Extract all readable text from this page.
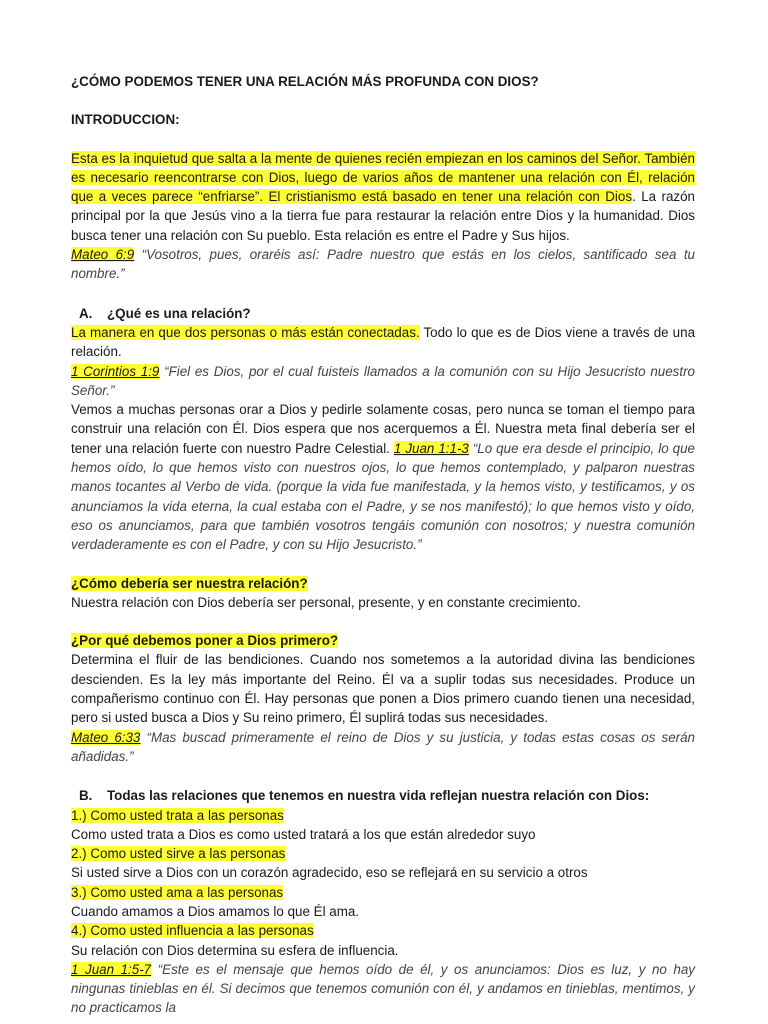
¿CÓMO PODEMOS TENER UNA RELACIÓN MÁS PROFUNDA CON DIOS?
INTRODUCCION:

Esta es la inquietud que salta a la mente de quienes recién empiezan en los caminos del Señor. También es necesario reencontrarse con Dios, luego de varios años de mantener una relación con Él, relación que a veces parece “enfriarse”. El cristianismo está basado en tener una relación con Dios. La razón principal por la que Jesús vino a la tierra fue para restaurar la relación entre Dios y la humanidad. Dios busca tener una relación con Su pueblo. Esta relación es entre el Padre y Sus hijos.

Mateo 6:9 “Vosotros, pues, oraréis así: Padre nuestro que estás en los cielos, santificado sea tu nombre.”

A. ¿Qué es una relación?

La manera en que dos personas o más están conectadas. Todo lo que es de Dios viene a través de una relación.

1 Corintios 1:9 “Fiel es Dios, por el cual fuisteis llamados a la comunión con su Hijo Jesucristo nuestro Señor.”

Vemos a muchas personas orar a Dios y pedirle solamente cosas, pero nunca se toman el tiempo para construir una relación con Él. Dios espera que nos acerquemos a Él. Nuestra meta final debería ser el tener una relación fuerte con nuestro Padre Celestial. 1 Juan 1:1-3 “Lo que era desde el principio, lo que hemos oído, lo que hemos visto con nuestros ojos, lo que hemos contemplado, y palparon nuestras manos tocantes al Verbo de vida. (porque la vida fue manifestada, y la hemos visto, y testificamos, y os anunciamos la vida eterna, la cual estaba con el Padre, y se nos manifestó); lo que hemos visto y oído, eso os anunciamos, para que también vosotros tengáis comunión con nosotros; y nuestra comunión verdaderamente es con el Padre, y con su Hijo Jesucristo.”

¿Cómo debería ser nuestra relación?

Nuestra relación con Dios debería ser personal, presente, y en constante crecimiento.

¿Por qué debemos poner a Dios primero?

Determina el fluir de las bendiciones. Cuando nos sometemos a la autoridad divina las bendiciones descienden. Es la ley más importante del Reino. Él va a suplir todas sus necesidades. Produce un compañerismo continuo con Él. Hay personas que ponen a Dios primero cuando tienen una necesidad, pero si usted busca a Dios y Su reino primero, Él suplirá todas sus necesidades.

Mateo 6:33 “Mas buscad primeramente el reino de Dios y su justicia, y todas estas cosas os serán añadidas.”

B. Todas las relaciones que tenemos en nuestra vida reflejan nuestra relación con Dios:
1.) Como usted trata a las personas

Como usted trata a Dios es como usted tratará a los que están alrededor suyo

2.) Como usted sirve a las personas

Si usted sirve a Dios con un corazón agradecido, eso se reflejará en su servicio a otros

3.) Como usted ama a las personas

Cuando amamos a Dios amamos lo que Él ama.

4.) Como usted influencia a las personas

Su relación con Dios determina su esfera de influencia.

1 Juan 1:5-7 “Este es el mensaje que hemos oído de él, y os anunciamos: Dios es luz, y no hay ningunas tinieblas en él. Si decimos que tenemos comunión con él, y andamos en tinieblas, mentimos, y no practicamos la
